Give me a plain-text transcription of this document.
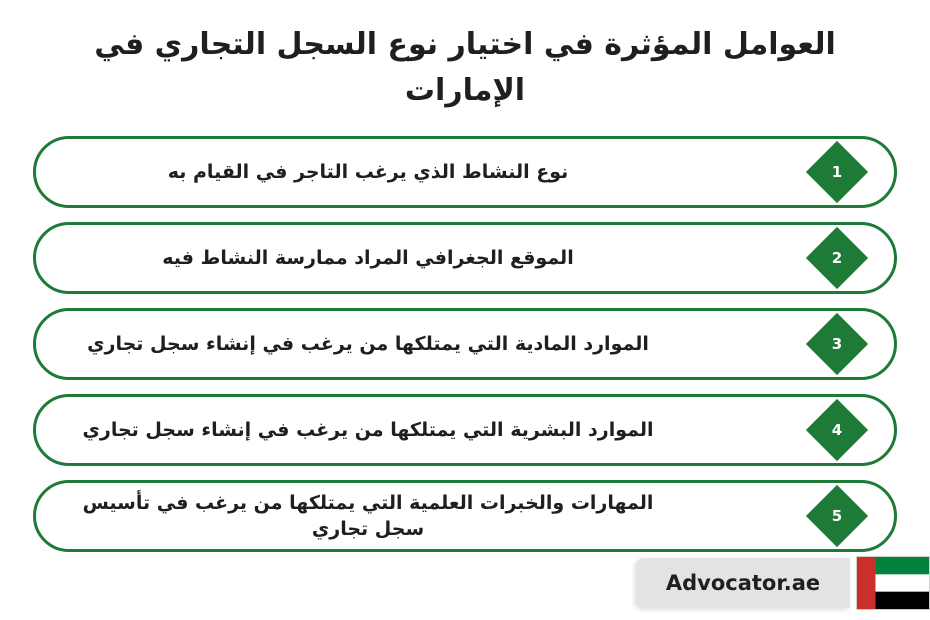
العوامل المؤثرة في اختيار نوع السجل التجاري في الإمارات
نوع النشاط الذي يرغب التاجر في القيام به	1
الموقع الجغرافي المراد ممارسة النشاط فيه	2
الموارد المادية التي يمتلكها من يرغب في إنشاء سجل تجاري	3
الموارد البشرية التي يمتلكها من يرغب في إنشاء سجل تجاري	4
المهارات والخبرات العلمية التي يمتلكها من يرغب في تأسيس سجل تجاري
5
Advocator.ae
